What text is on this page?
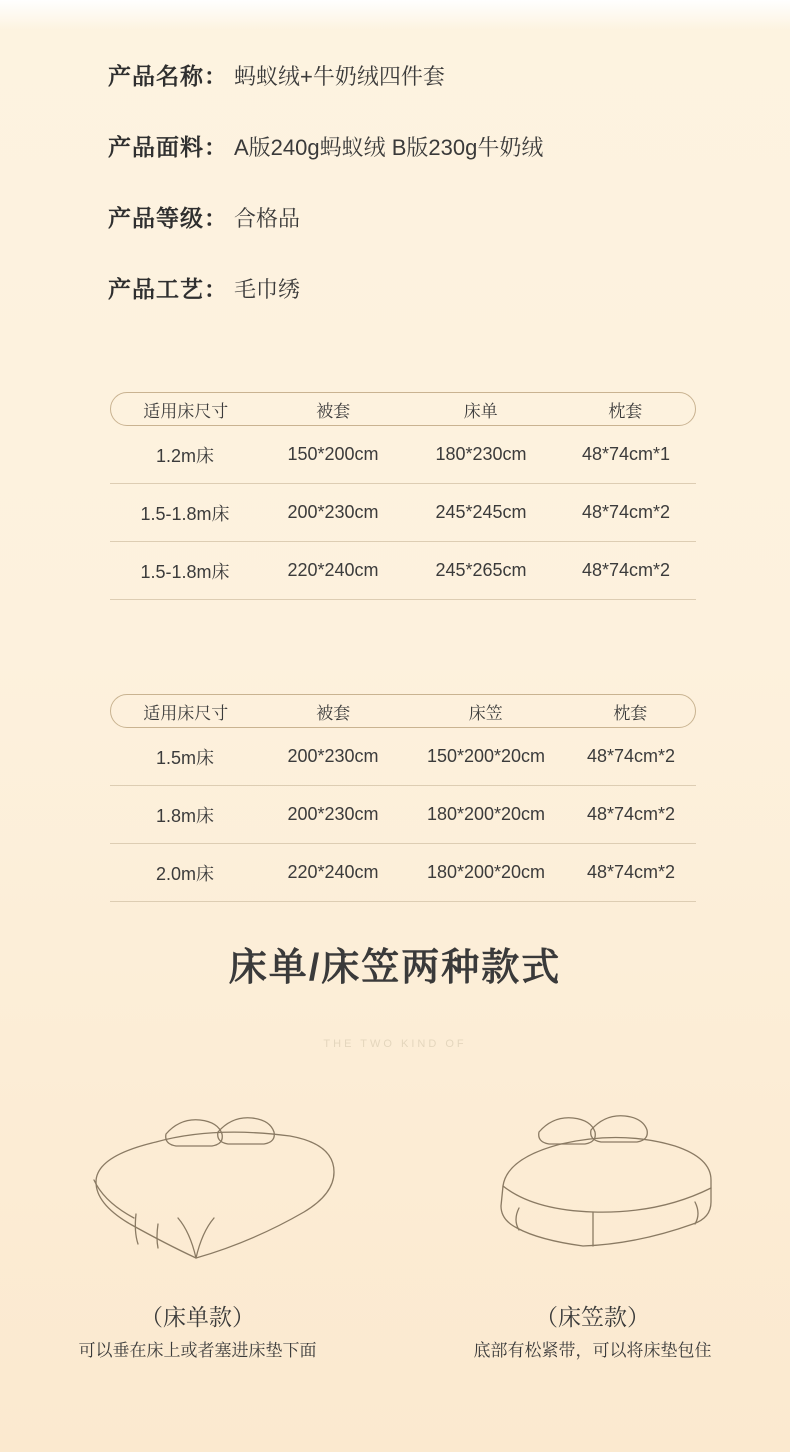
产品名称： 蚂蚁绒+牛奶绒四件套
产品面料： A版240g蚂蚁绒 B版230g牛奶绒
产品等级： 合格品
产品工艺： 毛巾绣
适用床尺寸	被套	床单	枕套
1.2m床	150*200cm	180*230cm	48*74cm*1
1.5-1.8m床	200*230cm	245*245cm	48*74cm*2
1.5-1.8m床	220*240cm	245*265cm	48*74cm*2
适用床尺寸	被套	床笠	枕套
1.5m床	200*230cm	150*200*20cm	48*74cm*2
1.8m床	200*230cm	180*200*20cm	48*74cm*2
2.0m床	220*240cm	180*200*20cm	48*74cm*2
床单/床笠两种款式
THE TWO KIND OF
（床单款）	（床笠款）
可以垂在床上或者塞进床垫下面	底部有松紧带，可以将床垫包住
